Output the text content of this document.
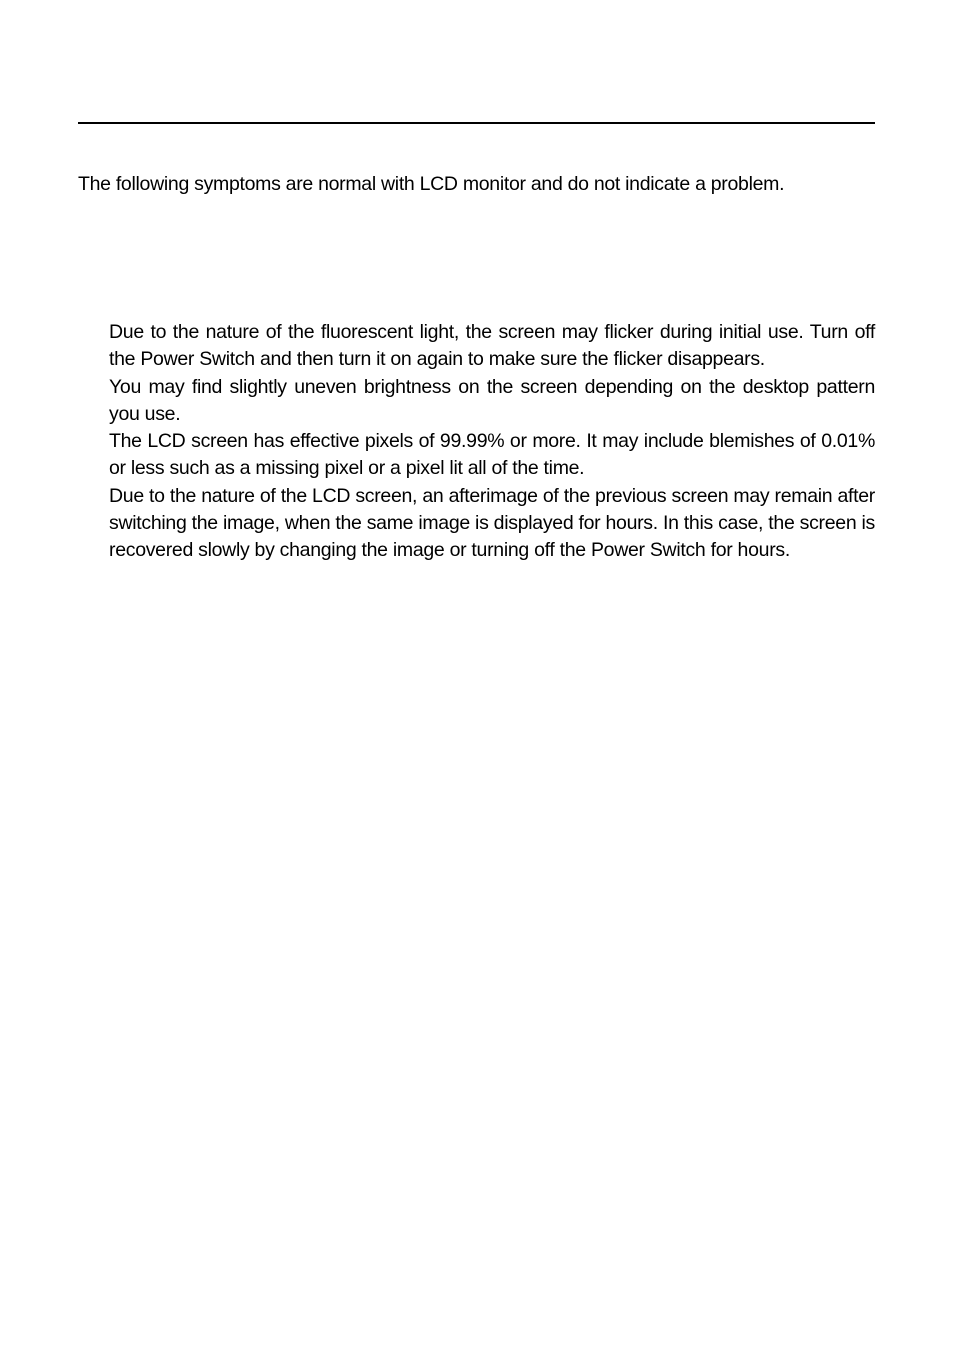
The following symptoms are normal with LCD monitor and do not indicate a problem.

Due to the nature of the fluorescent light, the screen may flicker during initial use. Turn off the Power Switch and then turn it on again to make sure the flicker disappears.
You may find slightly uneven brightness on the screen depending on the desktop pattern you use.
The LCD screen has effective pixels of 99.99% or more. It may include blemishes of 0.01% or less such as a missing pixel or a pixel lit all of the time.
Due to the nature of the LCD screen, an afterimage of the previous screen may remain after switching the image, when the same image is displayed for hours. In this case, the screen is recovered slowly by changing the image or turning off the Power Switch for hours.
